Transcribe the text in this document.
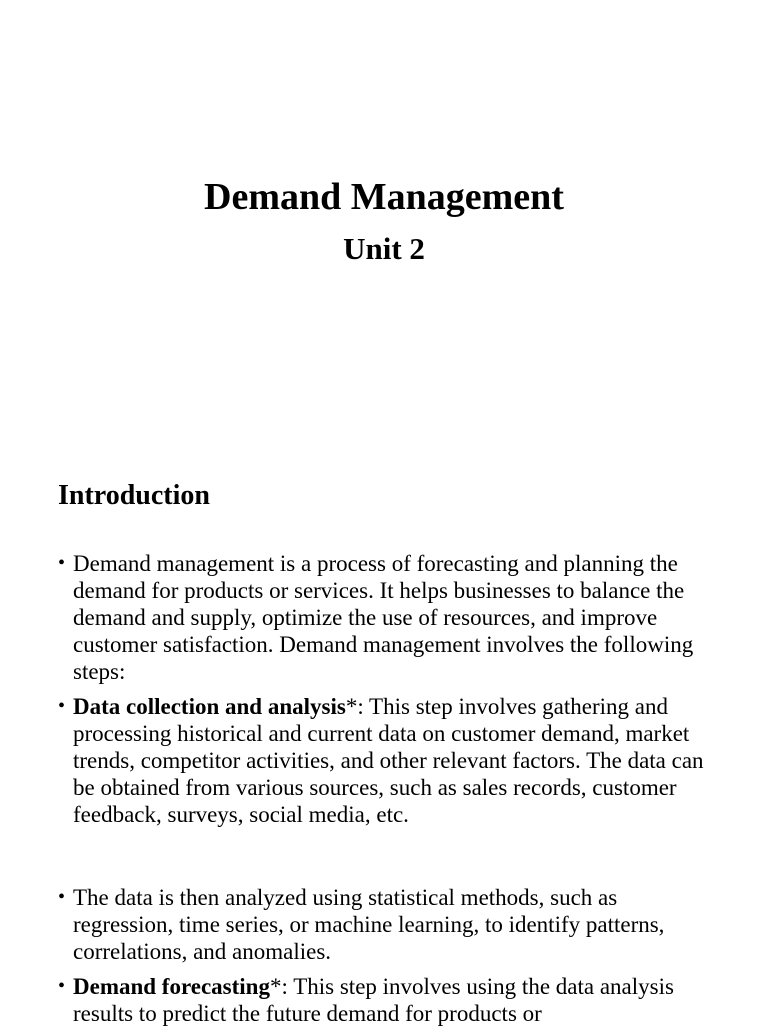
Demand Management
Unit 2
Introduction
• Demand management is a process of forecasting and planning the demand for products or services. It helps businesses to balance the demand and supply, optimize the use of resources, and improve customer satisfaction. Demand management involves the following steps:
• Data collection and analysis*: This step involves gathering and processing historical and current data on customer demand, market trends, competitor activities, and other relevant factors. The data can be obtained from various sources, such as sales records, customer feedback, surveys, social media, etc.
• The data is then analyzed using statistical methods, such as regression, time series, or machine learning, to identify patterns, correlations, and anomalies.
• Demand forecasting*: This step involves using the data analysis results to predict the future demand for products or
